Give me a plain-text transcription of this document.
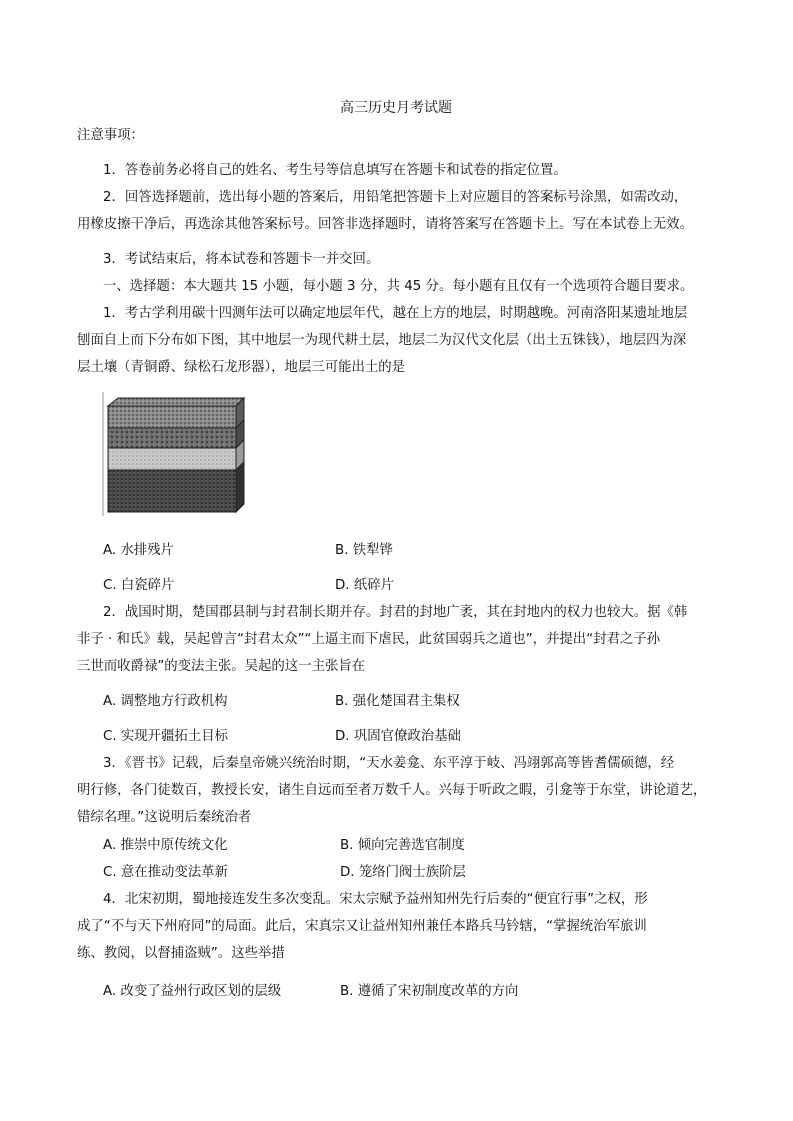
高三历史月考试题
注意事项：
1．答卷前务必将自己的姓名、考生号等信息填写在答题卡和试卷的指定位置。
2．回答选择题前，选出每小题的答案后，用铅笔把答题卡上对应题目的答案标号涂黑，如需改动，
用橡皮擦干净后，再选涂其他答案标号。回答非选择题时，请将答案写在答题卡上。写在本试卷上无效。
3．考试结束后，将本试卷和答题卡一并交回。
一、选择题：本大题共 15 小题，每小题 3 分，共 45 分。每小题有且仅有一个选项符合题目要求。
1．考古学利用碳十四测年法可以确定地层年代，越在上方的地层，时期越晚。河南洛阳某遗址地层
刨面自上而下分布如下图，其中地层一为现代耕土层，地层二为汉代文化层（出土五铢钱），地层四为深
层土壤（青铜爵、绿松石龙形器），地层三可能出土的是
A. 水排残片	B. 铁犁铧
C. 白瓷碎片	D. 纸碎片
2．战国时期，楚国郡县制与封君制长期并存。封君的封地广袤，其在封地内的权力也较大。据《韩
非子 · 和氏》载，吴起曾言“封君太众”“上逼主而下虐民，此贫国弱兵之道也”，并提出“封君之子孙
三世而收爵禄”的变法主张。吴起的这一主张旨在
A. 调整地方行政机构	B. 强化楚国君主集权
C. 实现开疆拓土目标	D. 巩固官僚政治基础
3．《晋书》记载，后秦皇帝姚兴统治时期，“天水姜龛、东平淳于岐、冯翊郭高等皆耆儒硕德，经
明行修，各门徒数百，教授长安，诸生自远而至者万数千人。兴每于听政之暇，引龛等于东堂，讲论道艺，
错综名理。”这说明后秦统治者
A. 推崇中原传统文化	B. 倾向完善选官制度
C. 意在推动变法革新	D. 笼络门阀士族阶层
4．北宋初期，蜀地接连发生多次变乱。宋太宗赋予益州知州先行后奏的“便宜行事”之权，形
成了“不与天下州府同”的局面。此后，宋真宗又让益州知州兼任本路兵马钤辖，“掌握统治军旅训
练、教阅，以督捕盗贼”。这些举措
A. 改变了益州行政区划的层级	B. 遵循了宋初制度改革的方向
